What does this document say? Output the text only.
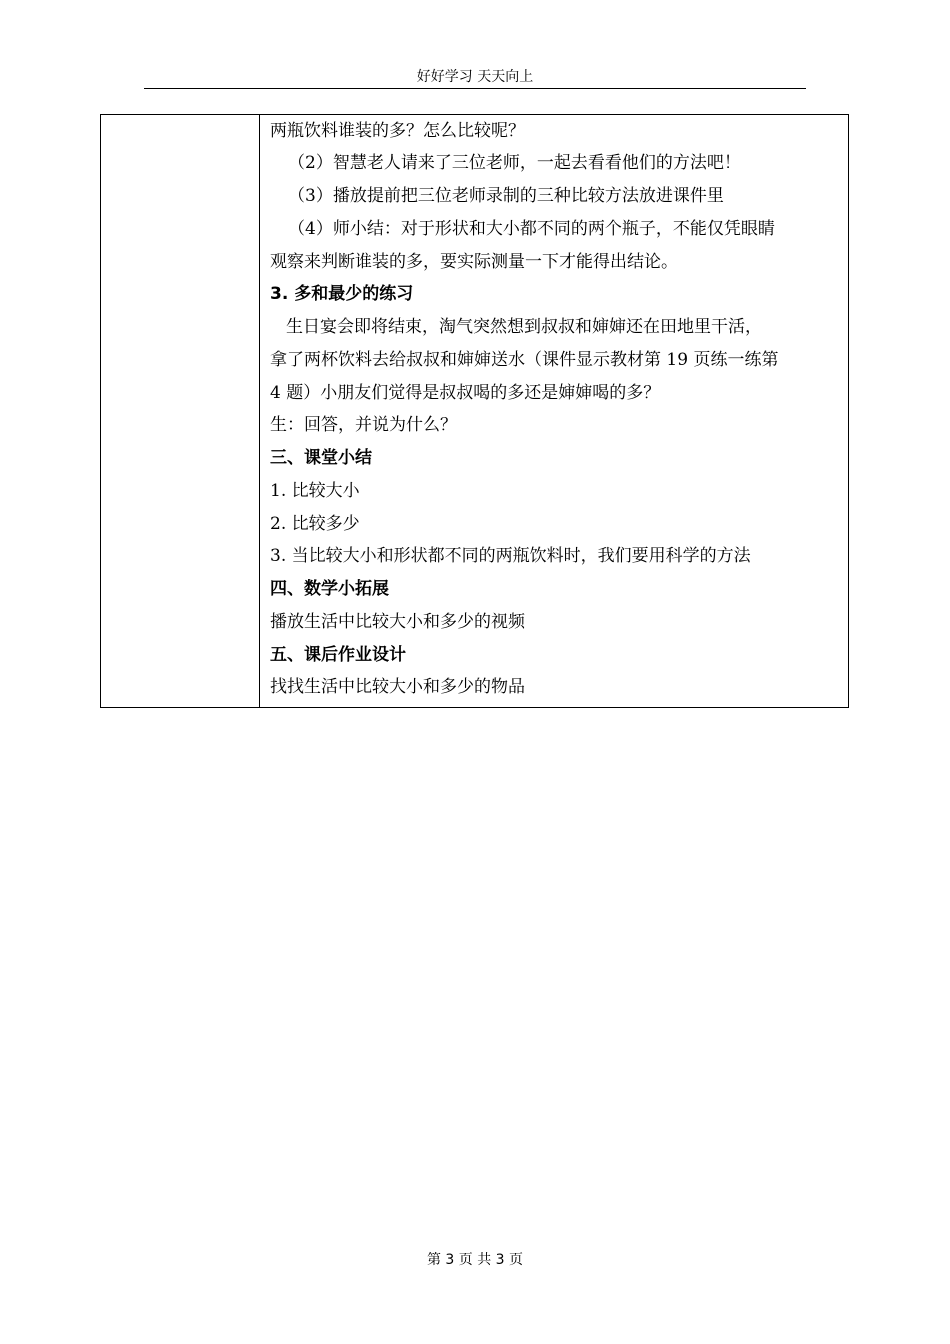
好好学习 天天向上
两瓶饮料谁装的多？怎么比较呢？
（2）智慧老人请来了三位老师，一起去看看他们的方法吧！
（3）播放提前把三位老师录制的三种比较方法放进课件里
（4）师小结：对于形状和大小都不同的两个瓶子，不能仅凭眼睛
观察来判断谁装的多，要实际测量一下才能得出结论。
3. 多和最少的练习
生日宴会即将结束，淘气突然想到叔叔和婶婶还在田地里干活，
拿了两杯饮料去给叔叔和婶婶送水（课件显示教材第 19 页练一练第
4 题）小朋友们觉得是叔叔喝的多还是婶婶喝的多？
生：回答，并说为什么？
三、课堂小结
1. 比较大小
2. 比较多少
3. 当比较大小和形状都不同的两瓶饮料时，我们要用科学的方法
四、数学小拓展
播放生活中比较大小和多少的视频
五、课后作业设计
找找生活中比较大小和多少的物品
第 3 页 共 3 页
